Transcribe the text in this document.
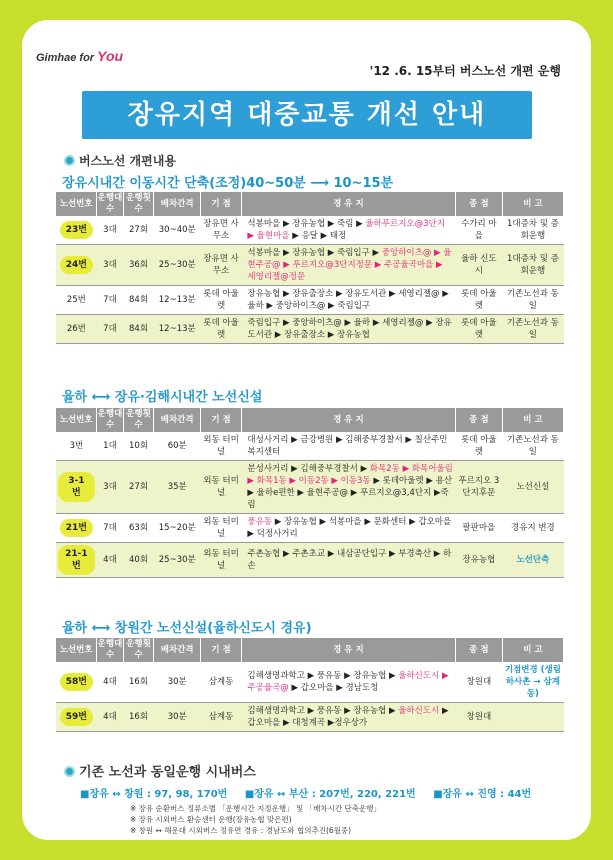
Gimhae for You
'12 .6. 15부터 버스노선 개편 운행
장유지역 대중교통 개선 안내
버스노선 개편내용
장유시내간 이동시간 단축(조정)40~50분 ⟶ 10~15분
노선번호	운행대수	운행횟수	배차간격	기 점	경 유 지	종 점	비 고
23번	3대	27회	30~40분	장유면 사무소	석봉마을 ▶ 장유농협 ▶ 죽림 ▶ 율하푸르지오@3단지 ▶ 율현마을 ▶ 응달 ▶ 태정	수가리 마을	1대증차 및 증회운행
24번	3대	36회	25~30분	장유면 사무소	석봉마을 ▶ 장유농협 ▶ 죽림입구 ▶ 중앙하이츠@ ▶ 율현주공@ ▶ 푸르지오@3단지정문 ▶ 주공율곡마을 ▶ 세영리젤@정문	율하 신도시	1대증차 및 증회운행
25번	7대	84회	12~13분	롯데 아울렛	장유농협 ▶ 장유출장소 ▶ 장유도서관 ▶ 세영리젤@ ▶ 율하 ▶ 중앙하이츠@ ▶ 죽림입구	롯데 아울렛	기존노선과 동일
26번	7대	84회	12~13분	롯데 아울렛	죽림입구 ▶ 중앙하이츠@ ▶ 율하 ▶ 세영리젤@ ▶ 장유도서관 ▶ 장유출장소 ▶ 장유농협	롯데 아울렛	기존노선과 동일
율하 ⟷ 장유·김해시내간 노선신설
노선번호	운행대수	운행횟수	배차간격	기 점	경 유 지	종 점	비 고
3번	1대	10회	60분	외동 터미널	대성사거리 ▶ 금강병원 ▶ 김해중부경찰서 ▶ 칠산주민복지센터	롯데 아울렛	기존노선과 동일
3-1번	3대	27회	35분	외동 터미널	분성사거리 ▶ 김해중부경찰서 ▶ 화목2동 ▶ 화목어울림 ▶ 화목1동 ▶ 이동2동 ▶ 이동3동 ▶ 롯데아울렛 ▶ 용산 ▶ 율하e편한 ▶ 율현주공@ ▶ 푸르지오@3,4단지 ▶죽림	푸르지오 3단지후문	노선신설
21번	7대	63회	15~20분	외동 터미널	풍유동 ▶ 장유농협 ▶ 석봉마을 ▶ 문화센터 ▶ 갑오마을 ▶ 덕정사거리	팔판마을	경유지 변경
21-1번	4대	40회	25~30분	외동 터미널	주촌농협 ▶ 주촌초교 ▶ 내삼공단입구 ▶ 부경축산 ▶ 하손	장유농협	노선단축
율하 ⟷ 창원간 노선신설(율하신도시 경유)
노선번호	운행대수	운행횟수	배차간격	기 점	경 유 지	종 점	비 고
58번	4대	16회	30분	삼계동	김해생명과학고 ▶ 풍유동 ▶ 장유농협 ▶ 율하신도시 ▶ 주공율곡@ ▶ 갑오마을 ▶ 경남도청	창원대	기점변경 (생림하사촌 → 삼계동)
59번	4대	16회	30분	삼계동	김해생명과학고 ▶ 풍유동 ▶ 장유농협 ▶ 율하신도시 ▶ 갑오마을 ▶ 대청계곡 ▶정우상가	창원대	
기존 노선과 동일운행 시내버스
■장유 ↔ 창원 : 97, 98, 170번 ■장유 ↔ 부산 : 207번, 220, 221번 ■장유 ↔ 진영 : 44번
※ 장유 순환버스 정류소별 「운행시간 지정운행」 및 「배차시간 단축운행」
※ 장유 시외버스 환승센터 운행(장유농협 맞은편)
※ 창원 ↔ 해운대 시외버스 정유면 경유 : 경남도와 협의추진(6월중)
